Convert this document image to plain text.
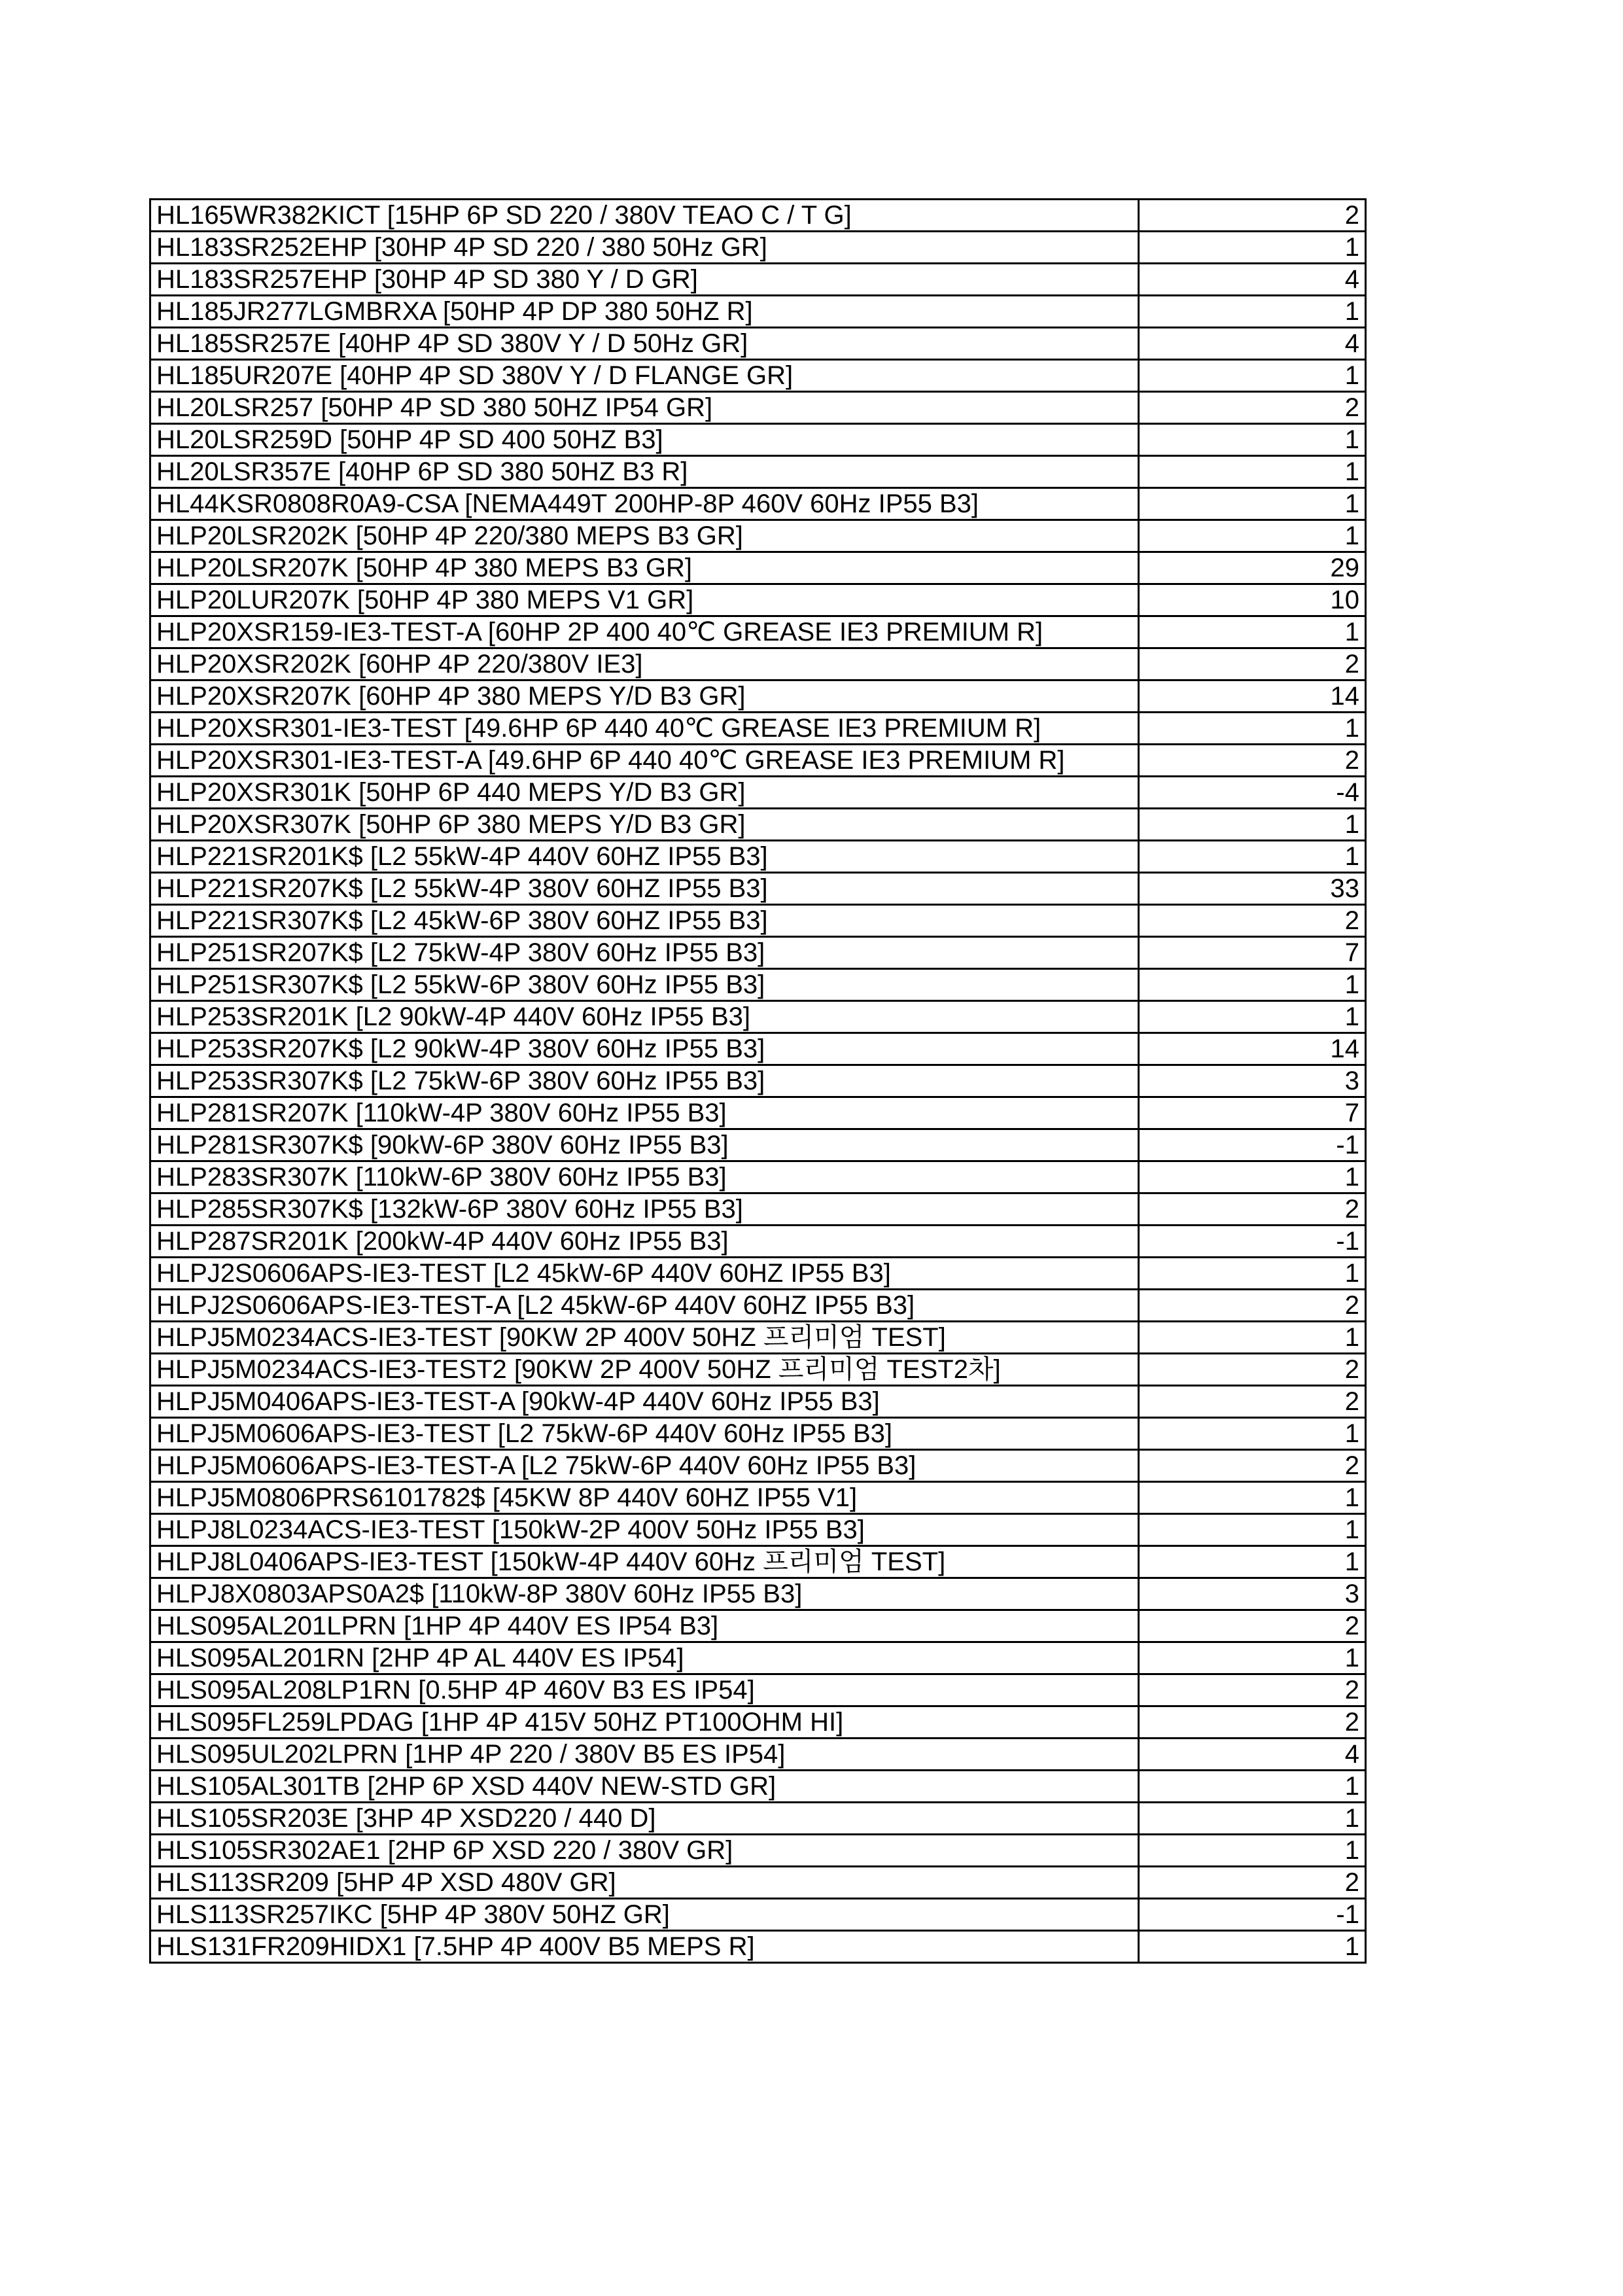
HL165WR382KICT [15HP 6P SD 220 / 380V TEAO C / T G]	2
HL183SR252EHP [30HP 4P SD 220 / 380 50Hz GR]	1
HL183SR257EHP [30HP 4P SD 380 Y / D GR]	4
HL185JR277LGMBRXA [50HP 4P DP 380 50HZ R]	1
HL185SR257E [40HP 4P SD 380V Y / D 50Hz GR]	4
HL185UR207E [40HP 4P SD 380V Y / D FLANGE GR]	1
HL20LSR257 [50HP 4P SD 380 50HZ IP54 GR]	2
HL20LSR259D [50HP 4P SD 400 50HZ B3]	1
HL20LSR357E [40HP 6P SD 380 50HZ B3 R]	1
HL44KSR0808R0A9-CSA [NEMA449T 200HP-8P 460V 60Hz IP55 B3]	1
HLP20LSR202K [50HP 4P 220/380 MEPS B3 GR]	1
HLP20LSR207K [50HP 4P 380 MEPS B3 GR]	29
HLP20LUR207K [50HP 4P 380 MEPS V1 GR]	10
HLP20XSR159-IE3-TEST-A [60HP 2P 400 40℃ GREASE IE3 PREMIUM R]	1
HLP20XSR202K [60HP 4P 220/380V IE3]	2
HLP20XSR207K [60HP 4P 380 MEPS Y/D B3 GR]	14
HLP20XSR301-IE3-TEST [49.6HP 6P 440 40℃ GREASE IE3 PREMIUM R]	1
HLP20XSR301-IE3-TEST-A [49.6HP 6P 440 40℃ GREASE IE3 PREMIUM R]	2
HLP20XSR301K [50HP 6P 440 MEPS Y/D B3 GR]	-4
HLP20XSR307K [50HP 6P 380 MEPS Y/D B3 GR]	1
HLP221SR201K$ [L2 55kW-4P 440V 60HZ IP55 B3]	1
HLP221SR207K$ [L2 55kW-4P 380V 60HZ IP55 B3]	33
HLP221SR307K$ [L2 45kW-6P 380V 60HZ IP55 B3]	2
HLP251SR207K$ [L2 75kW-4P 380V 60Hz IP55 B3]	7
HLP251SR307K$ [L2 55kW-6P 380V 60Hz IP55 B3]	1
HLP253SR201K [L2 90kW-4P 440V 60Hz IP55 B3]	1
HLP253SR207K$ [L2 90kW-4P 380V 60Hz IP55 B3]	14
HLP253SR307K$ [L2 75kW-6P 380V 60Hz IP55 B3]	3
HLP281SR207K [110kW-4P 380V 60Hz IP55 B3]	7
HLP281SR307K$ [90kW-6P 380V 60Hz IP55 B3]	-1
HLP283SR307K [110kW-6P 380V 60Hz IP55 B3]	1
HLP285SR307K$ [132kW-6P 380V 60Hz IP55 B3]	2
HLP287SR201K [200kW-4P 440V 60Hz IP55 B3]	-1
HLPJ2S0606APS-IE3-TEST [L2 45kW-6P 440V 60HZ IP55 B3]	1
HLPJ2S0606APS-IE3-TEST-A [L2 45kW-6P 440V 60HZ IP55 B3]	2
HLPJ5M0234ACS-IE3-TEST [90KW 2P 400V 50HZ 프리미엄 TEST]	1
HLPJ5M0234ACS-IE3-TEST2 [90KW 2P 400V 50HZ 프리미엄 TEST2차]	2
HLPJ5M0406APS-IE3-TEST-A [90kW-4P 440V 60Hz IP55 B3]	2
HLPJ5M0606APS-IE3-TEST [L2 75kW-6P 440V 60Hz IP55 B3]	1
HLPJ5M0606APS-IE3-TEST-A [L2 75kW-6P 440V 60Hz IP55 B3]	2
HLPJ5M0806PRS6101782$ [45KW 8P 440V 60HZ IP55 V1]	1
HLPJ8L0234ACS-IE3-TEST [150kW-2P 400V 50Hz IP55 B3]	1
HLPJ8L0406APS-IE3-TEST [150kW-4P 440V 60Hz 프리미엄 TEST]	1
HLPJ8X0803APS0A2$ [110kW-8P 380V 60Hz IP55 B3]	3
HLS095AL201LPRN [1HP 4P 440V ES IP54 B3]	2
HLS095AL201RN [2HP 4P AL 440V ES IP54]	1
HLS095AL208LP1RN [0.5HP 4P 460V B3 ES IP54]	2
HLS095FL259LPDAG [1HP 4P 415V 50HZ PT100OHM HI]	2
HLS095UL202LPRN [1HP 4P 220 / 380V B5 ES IP54]	4
HLS105AL301TB [2HP 6P XSD 440V NEW-STD GR]	1
HLS105SR203E [3HP 4P XSD220 / 440 D]	1
HLS105SR302AE1 [2HP 6P XSD 220 / 380V GR]	1
HLS113SR209 [5HP 4P XSD 480V GR]	2
HLS113SR257IKC [5HP 4P 380V 50HZ GR]	-1
HLS131FR209HIDX1 [7.5HP 4P 400V B5 MEPS R]	1
